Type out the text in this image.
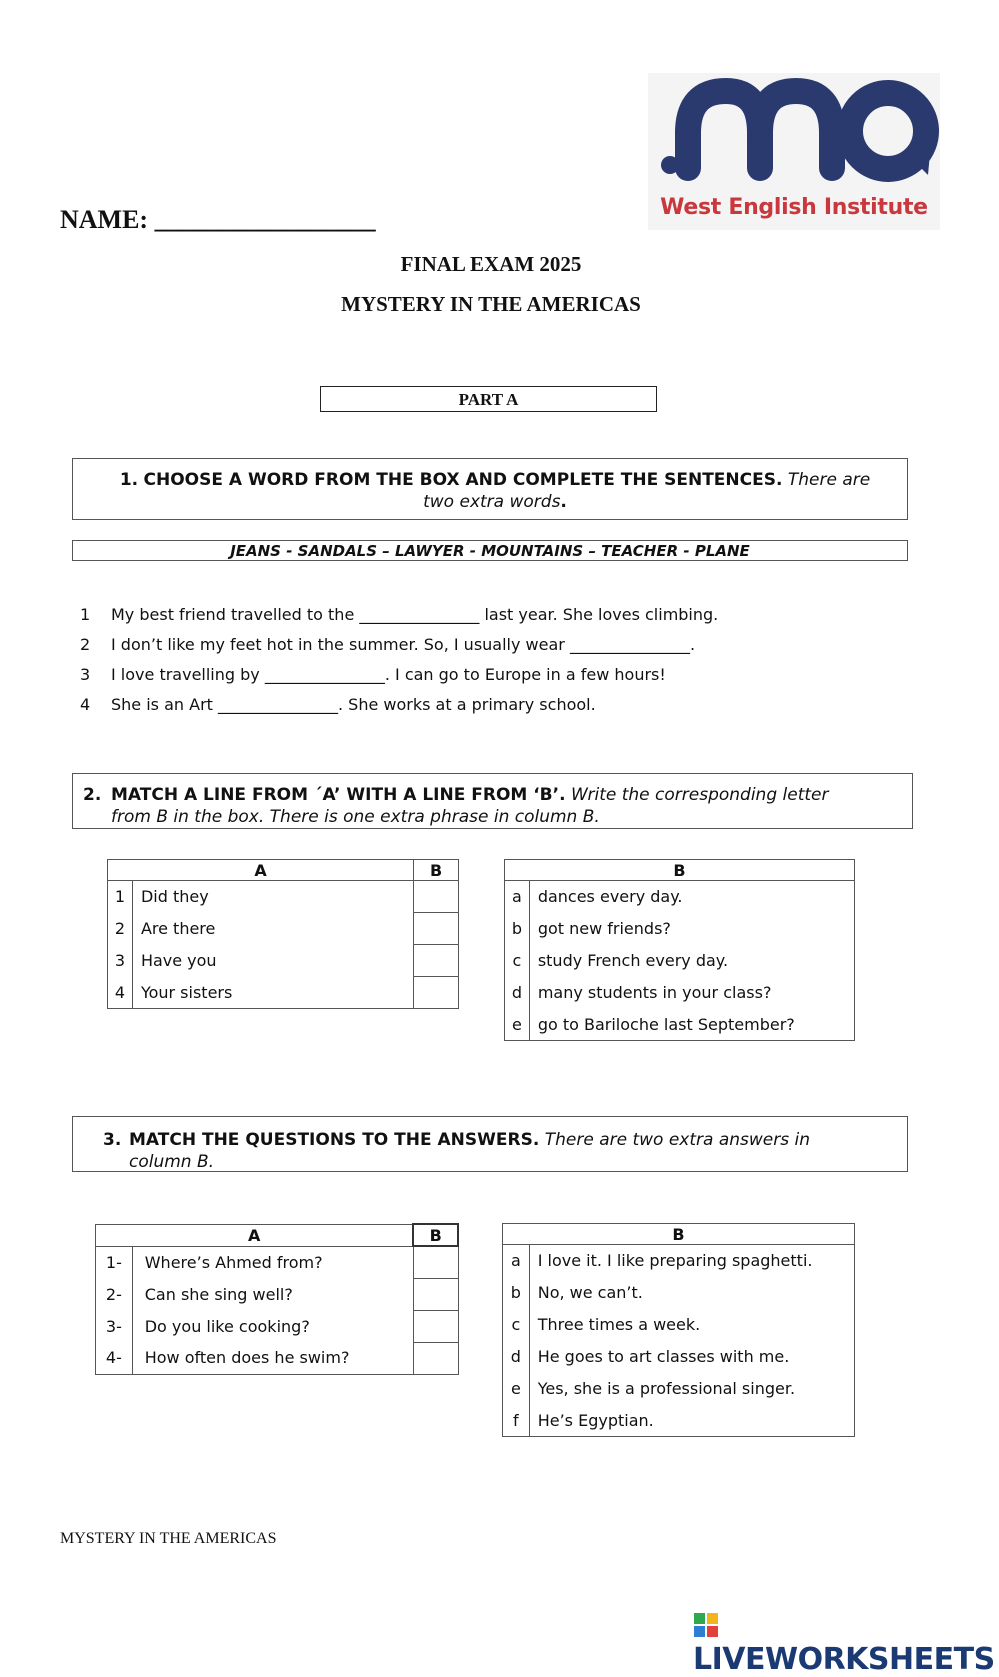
West English Institute
NAME: _________________
FINAL EXAM 2025
MYSTERY IN THE AMERICAS
PART A
1. CHOOSE A WORD FROM THE BOX AND COMPLETE THE SENTENCES. There are
two extra words.
JEANS - SANDALS – LAWYER - MOUNTAINS – TEACHER - PLANE
1 My best friend travelled to the _______________ last year. She loves climbing.
2 I don’t like my feet hot in the summer. So, I usually wear _______________.
3 I love travelling by _______________. I can go to Europe in a few hours!
4 She is an Art _______________. She works at a primary school.
2. MATCH A LINE FROM ´A’ WITH A LINE FROM ‘B’. Write the corresponding letter
from B in the box. There is one extra phrase in column B.
A		B
1	Did they	
2	Are there	
3	Have you	
4	Your sisters	
B	
a	dances every day.
b	got new friends?
c	study French every day.
d	many students in your class?
e	go to Bariloche last September?
3. MATCH THE QUESTIONS TO THE ANSWERS. There are two extra answers in
column B.
A		B
1-	Where’s Ahmed from?	
2-	Can she sing well?	
3-	Do you like cooking?	
4-	How often does he swim?	
B	
a	I love it. I like preparing spaghetti.
b	No, we can’t.
c	Three times a week.
d	He goes to art classes with me.
e	Yes, she is a professional singer.
f	He’s Egyptian.
MYSTERY IN THE AMERICAS
LIVEWORKSHEETS
